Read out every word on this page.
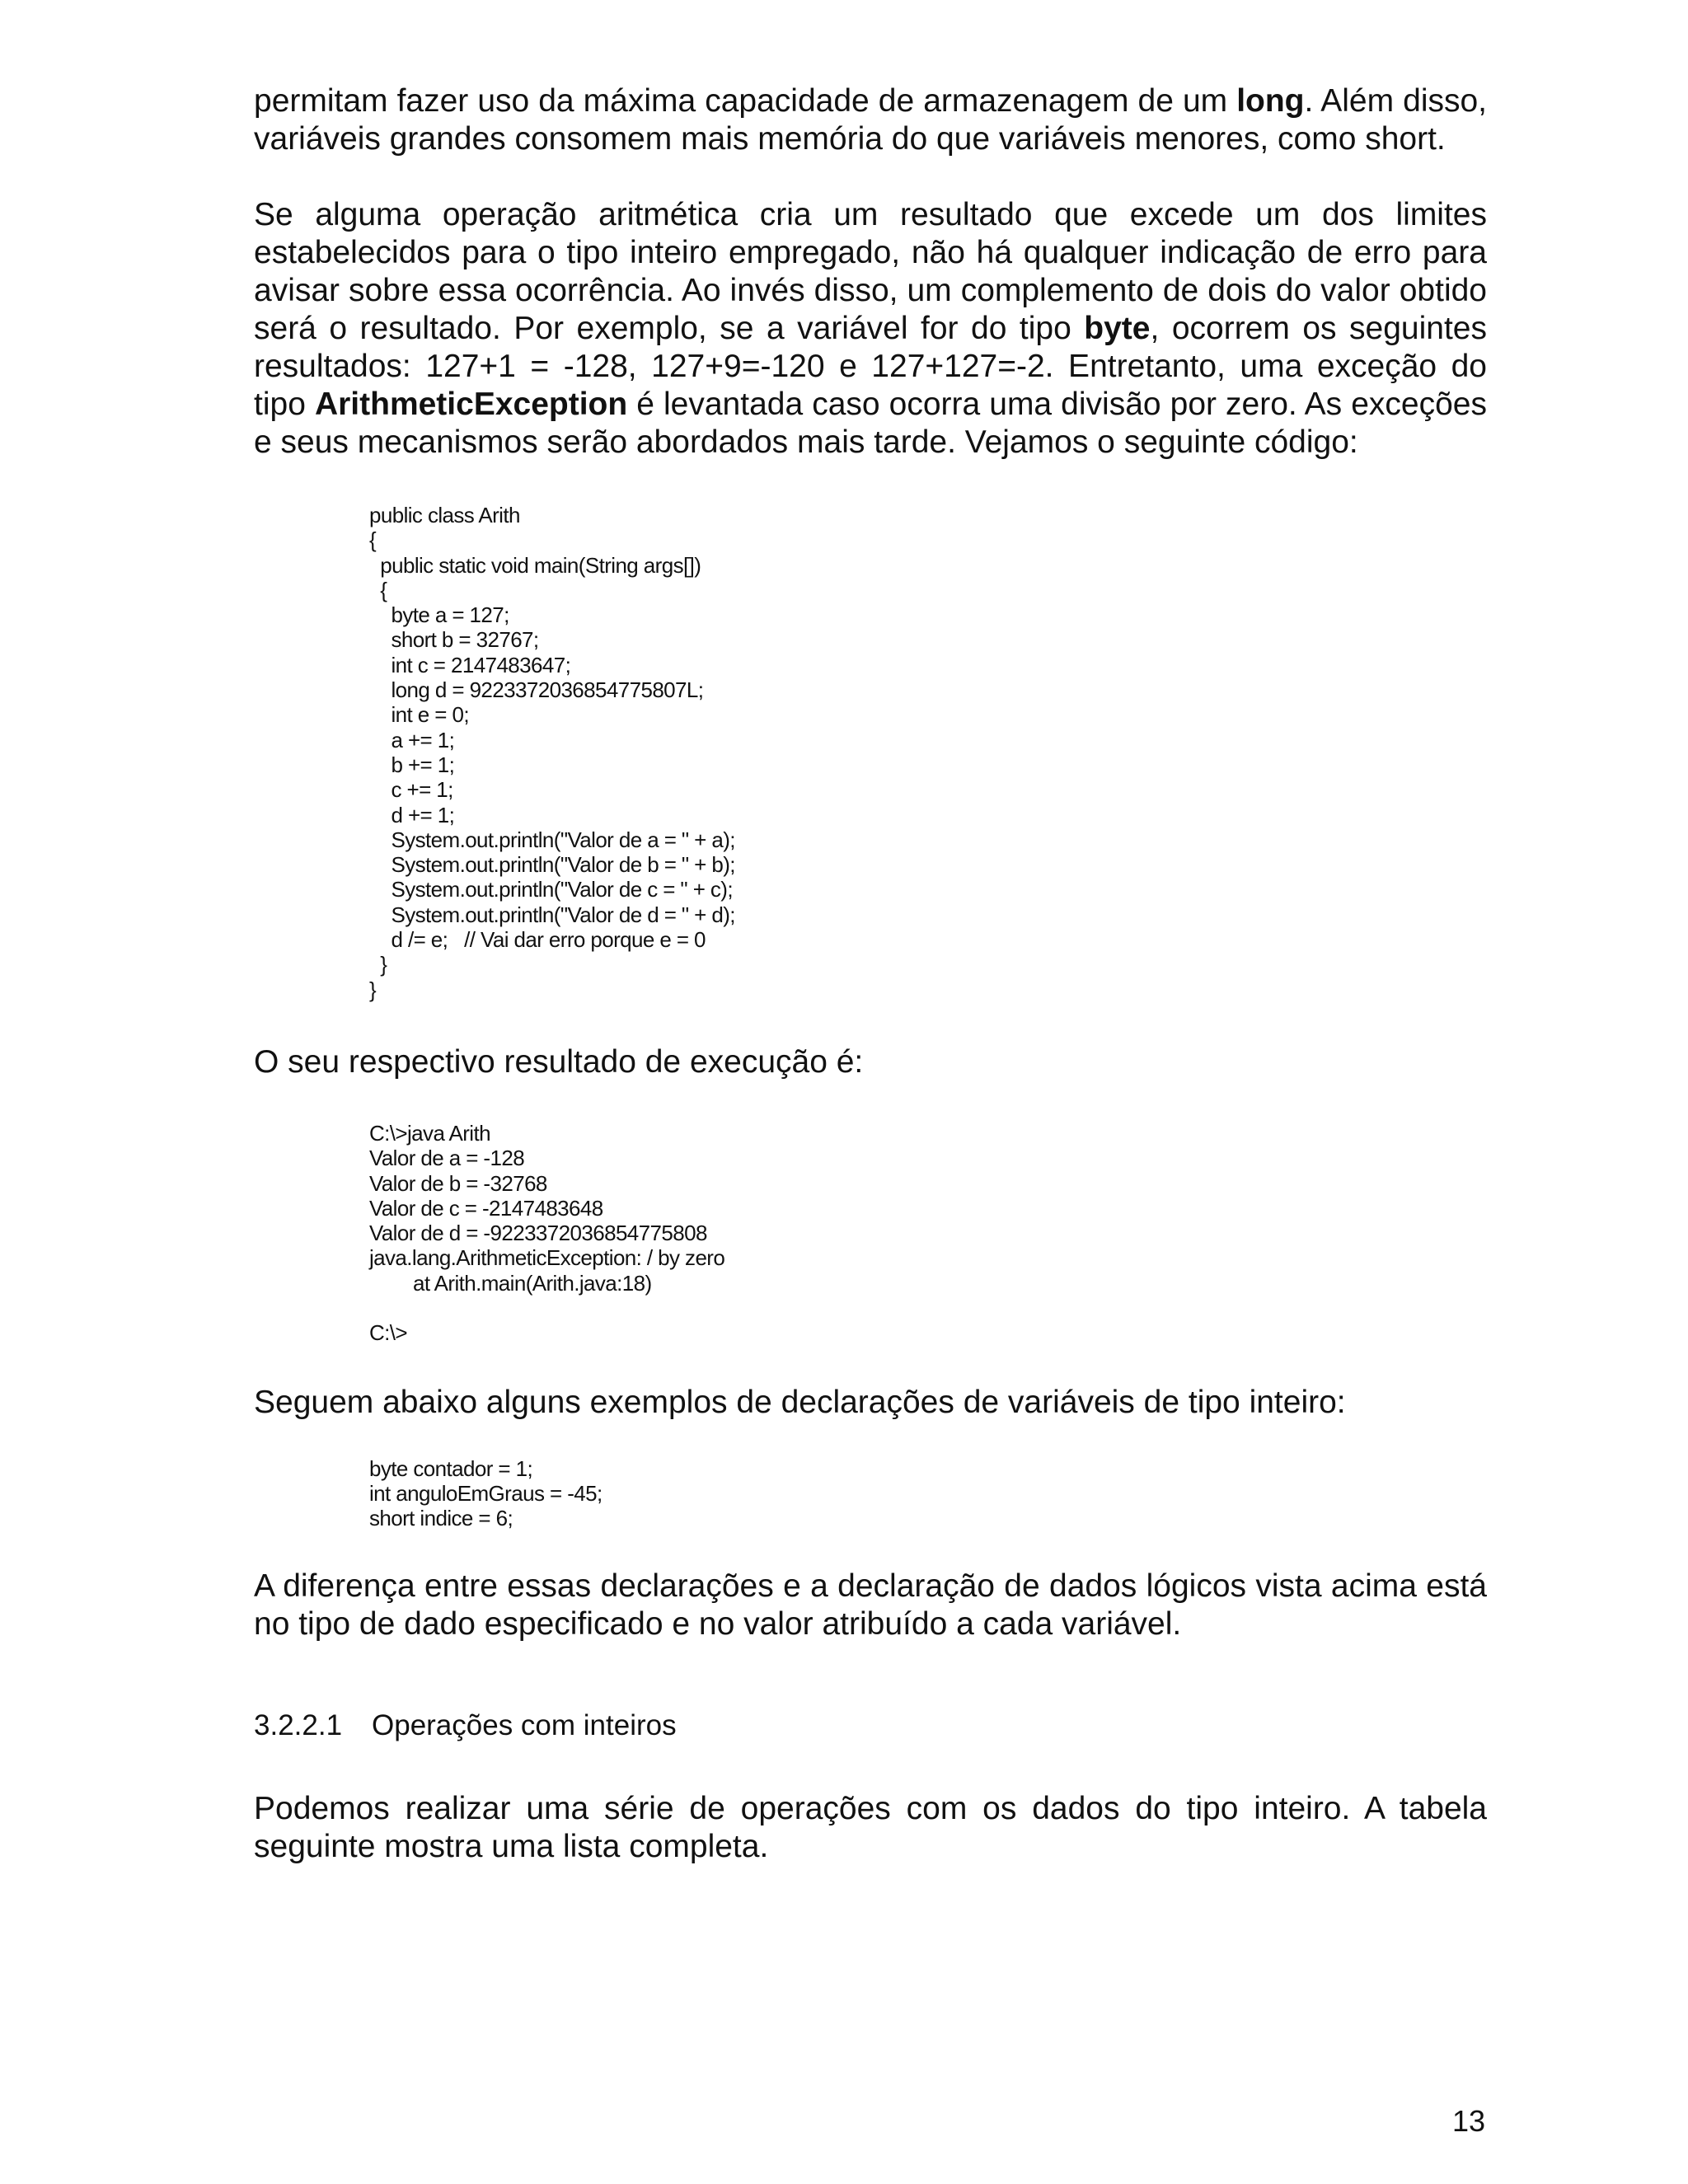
permitam fazer uso da máxima capacidade de armazenagem de um long. Além disso, variáveis grandes consomem mais memória do que variáveis menores, como short.

Se alguma operação aritmética cria um resultado que excede um dos limites estabelecidos para o tipo inteiro empregado, não há qualquer indicação de erro para avisar sobre essa ocorrência. Ao invés disso, um complemento de dois do valor obtido será o resultado. Por exemplo, se a variável for do tipo byte, ocorrem os seguintes resultados: 127+1 = -128, 127+9=-120 e 127+127=-2. Entretanto, uma exceção do tipo ArithmeticException é levantada caso ocorra uma divisão por zero. As exceções e seus mecanismos serão abordados mais tarde. Vejamos o seguinte código:

public class Arith
{
public static void main(String args[])
{
byte a = 127;
short b = 32767;
int c = 2147483647;
long d = 9223372036854775807L;
int e = 0;
a += 1;
b += 1;
c += 1;
d += 1;
System.out.println("Valor de a = " + a);
System.out.println("Valor de b = " + b);
System.out.println("Valor de c = " + c);
System.out.println("Valor de d = " + d);
d /= e;   // Vai dar erro porque e = 0
}
}

O seu respectivo resultado de execução é:

C:\>java Arith
Valor de a = -128
Valor de b = -32768
Valor de c = -2147483648
Valor de d = -9223372036854775808
java.lang.ArithmeticException: / by zero
at Arith.main(Arith.java:18)
C:\>

Seguem abaixo alguns exemplos de declarações de variáveis de tipo inteiro:

byte contador = 1;
int anguloEmGraus = -45;
short indice = 6;

A diferença entre essas declarações e a declaração de dados lógicos vista acima está no tipo de dado especificado e no valor atribuído a cada variável.

3.2.2.1 Operações com inteiros

Podemos realizar uma série de operações com os dados do tipo inteiro. A tabela seguinte mostra uma lista completa.

13
